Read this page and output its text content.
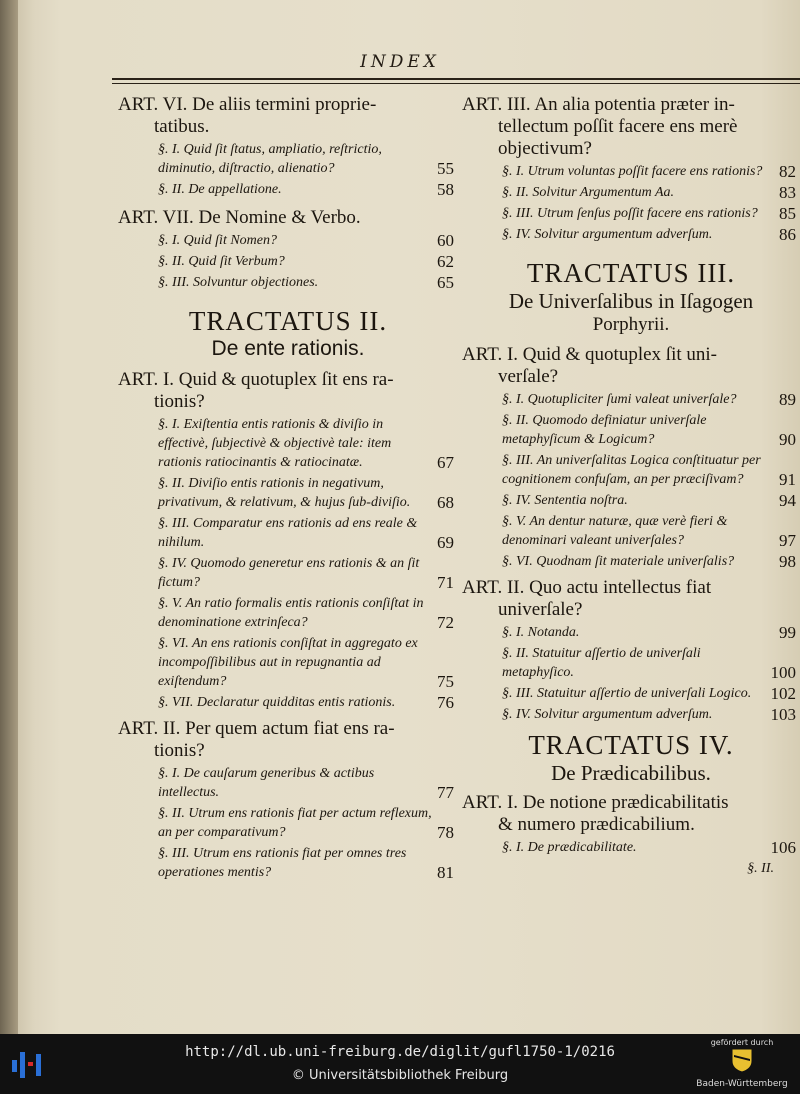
INDEX
ART. VI. De aliis termini proprie-
tatibus.
§. I. Quid ſit ſtatus, ampliatio, reſtrictio, diminutio, diſtractio, alienatio?	55
§. II. De appellatione.	58
ART. VII. De Nomine & Verbo.
§. I. Quid ſit Nomen?	60
§. II. Quid ſit Verbum?	62
§. III. Solvuntur objectiones.	65
TRACTATUS II.
De ente rationis.
ART. I. Quid & quotuplex ſit ens ra-
tionis?
§. I. Exiſtentia entis rationis & diviſio in effectivè, ſubjectivè & objectivè tale: item rationis ratiocinantis & ratiocinatæ.	67
§. II. Diviſio entis rationis in negativum, privativum, & relativum, & hujus ſub-diviſio. 68
§. III. Comparatur ens rationis ad ens reale & nihilum.	69
§. IV. Quomodo generetur ens rationis & an ſit fictum?	71
§. V. An ratio formalis entis rationis conſiſtat in denominatione extrinſeca?	72
§. VI. An ens rationis conſiſtat in aggregato ex incompoſſibilibus aut in repugnantia ad exiſtendum?	75
§. VII. Declaratur quidditas entis rationis. 76
ART. II. Per quem actum fiat ens ra-
tionis?
§. I. De cauſarum generibus & actibus intellectus.	77
§. II. Utrum ens rationis fiat per actum reflexum, an per comparativum?	78
§. III. Utrum ens rationis fiat per omnes tres operationes mentis?	81
ART. III. An alia potentia præter in-
tellectum poſſit facere ens merè objectivum?
§. I. Utrum voluntas poſſit facere ens rationis? 82
§. II. Solvitur Argumentum Aa.	83
§. III. Utrum ſenſus poſſit facere ens rationis? 85
§. IV. Solvitur argumentum adverſum.	86
TRACTATUS III.
De Univerſalibus in Iſagogen
Porphyrii.
ART. I. Quid & quotuplex ſit uni-
verſale?
§. I. Quotupliciter ſumi valeat univerſale?	89
§. II. Quomodo definiatur univerſale metaphyſicum & Logicum?	90
§. III. An univerſalitas Logica conſtituatur per cognitionem confuſam, an per præciſivam? 91
§. IV. Sententia noſtra.	94
§. V. An dentur naturæ, quæ verè fieri & denominari valeant univerſales?	97
§. VI. Quodnam ſit materiale univerſalis?	98
ART. II. Quo actu intellectus fiat
univerſale?
§. I. Notanda.	99
§. II. Statuitur aſſertio de univerſali metaphyſico.	100
§. III. Statuitur aſſertio de univerſali Logico. 102
§. IV. Solvitur argumentum adverſum.	103
TRACTATUS IV.
De Prædicabilibus.
ART. I. De notione prædicabilitatis
& numero prædicabilium.
§. I. De prædicabilitate.	106
§. II.
http://dl.ub.uni-freiburg.de/diglit/gufl1750-1/0216
© Universitätsbibliothek Freiburg
gefördert durch
Baden-Württemberg
